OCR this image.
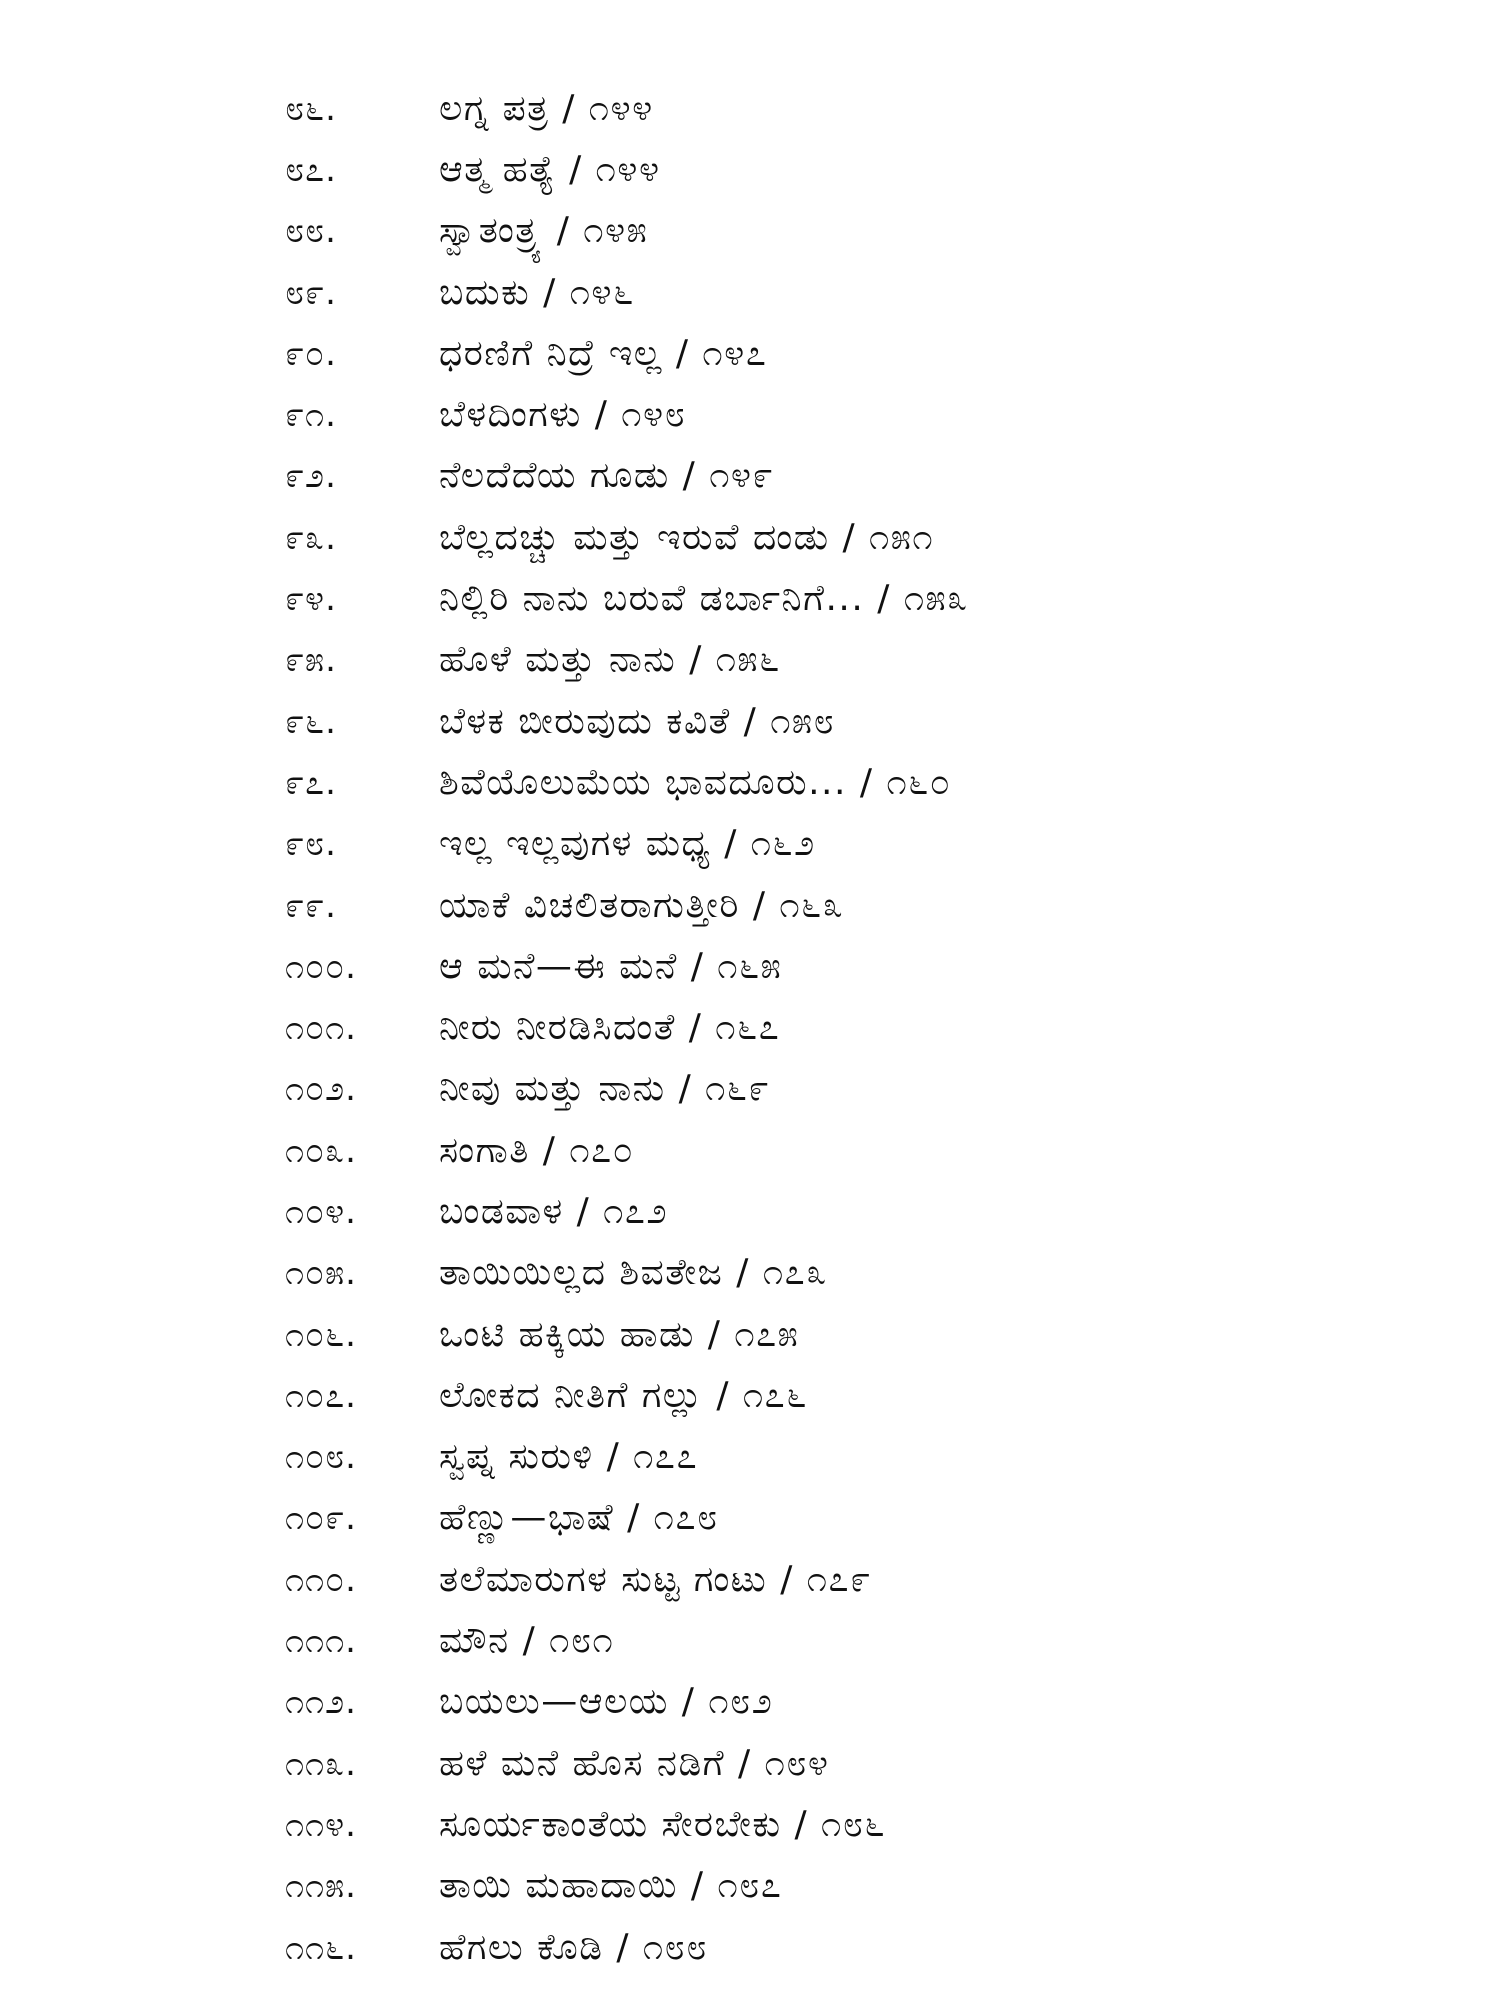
೮೬.	ಲಗ್ನ ಪತ್ರ / ೧೪೪
೮೭.	ಆತ್ಮ ಹತ್ಯೆ / ೧೪೪
೮೮.	ಸ್ವಾತಂತ್ರ್ಯ / ೧೪೫
೮೯.	ಬದುಕು / ೧೪೬
೯೦.	ಧರಣಿಗೆ ನಿದ್ರೆ ಇಲ್ಲ / ೧೪೭
೯೧.	ಬೆಳದಿಂಗಳು / ೧೪೮
೯೨.	ನೆಲದೆದೆಯ ಗೂಡು / ೧೪೯
೯೩.	ಬೆಲ್ಲದಚ್ಚು ಮತ್ತು ಇರುವೆ ದಂಡು / ೧೫೧
೯೪.	ನಿಲ್ಲಿರಿ ನಾನು ಬರುವೆ ಡರ್ಬಾನಿಗೆ... / ೧೫೩
೯೫.	ಹೊಳೆ ಮತ್ತು ನಾನು / ೧೫೬
೯೬.	ಬೆಳಕ ಬೀರುವುದು ಕವಿತೆ / ೧೫೮
೯೭.	ಶಿವೆಯೊಲುಮೆಯ ಭಾವದೂರು... / ೧೬೦
೯೮.	ಇಲ್ಲ ಇಲ್ಲವುಗಳ ಮಧ್ಯ / ೧೬೨
೯೯.	ಯಾಕೆ ವಿಚಲಿತರಾಗುತ್ತೀರಿ / ೧೬೩
೧೦೦.	ಆ ಮನೆ—ಈ ಮನೆ / ೧೬೫
೧೦೧.	ನೀರು ನೀರಡಿಸಿದಂತೆ / ೧೬೭
೧೦೨.	ನೀವು ಮತ್ತು ನಾನು / ೧೬೯
೧೦೩.	ಸಂಗಾತಿ / ೧೭೦
೧೦೪.	ಬಂಡವಾಳ / ೧೭೨
೧೦೫.	ತಾಯಿಯಿಲ್ಲದ ಶಿವತೇಜ / ೧೭೩
೧೦೬.	ಒಂಟಿ ಹಕ್ಕಿಯ ಹಾಡು / ೧೭೫
೧೦೭.	ಲೋಕದ ನೀತಿಗೆ ಗಲ್ಲು / ೧೭೬
೧೦೮.	ಸ್ವಪ್ನ ಸುರುಳಿ / ೧೭೭
೧೦೯.	ಹೆಣ್ಣು—ಭಾಷೆ / ೧೭೮
೧೧೦.	ತಲೆಮಾರುಗಳ ಸುಟ್ಟ ಗಂಟು / ೧೭೯
೧೧೧.	ಮೌನ / ೧೮೧
೧೧೨.	ಬಯಲು—ಆಲಯ / ೧೮೨
೧೧೩.	ಹಳೆ ಮನೆ ಹೊಸ ನಡಿಗೆ / ೧೮೪
೧೧೪.	ಸೂರ್ಯಕಾಂತೆಯ ಸೇರಬೇಕು / ೧೮೬
೧೧೫.	ತಾಯಿ ಮಹಾದಾಯಿ / ೧೮೭
೧೧೬.	ಹೆಗಲು ಕೊಡಿ / ೧೮೮
